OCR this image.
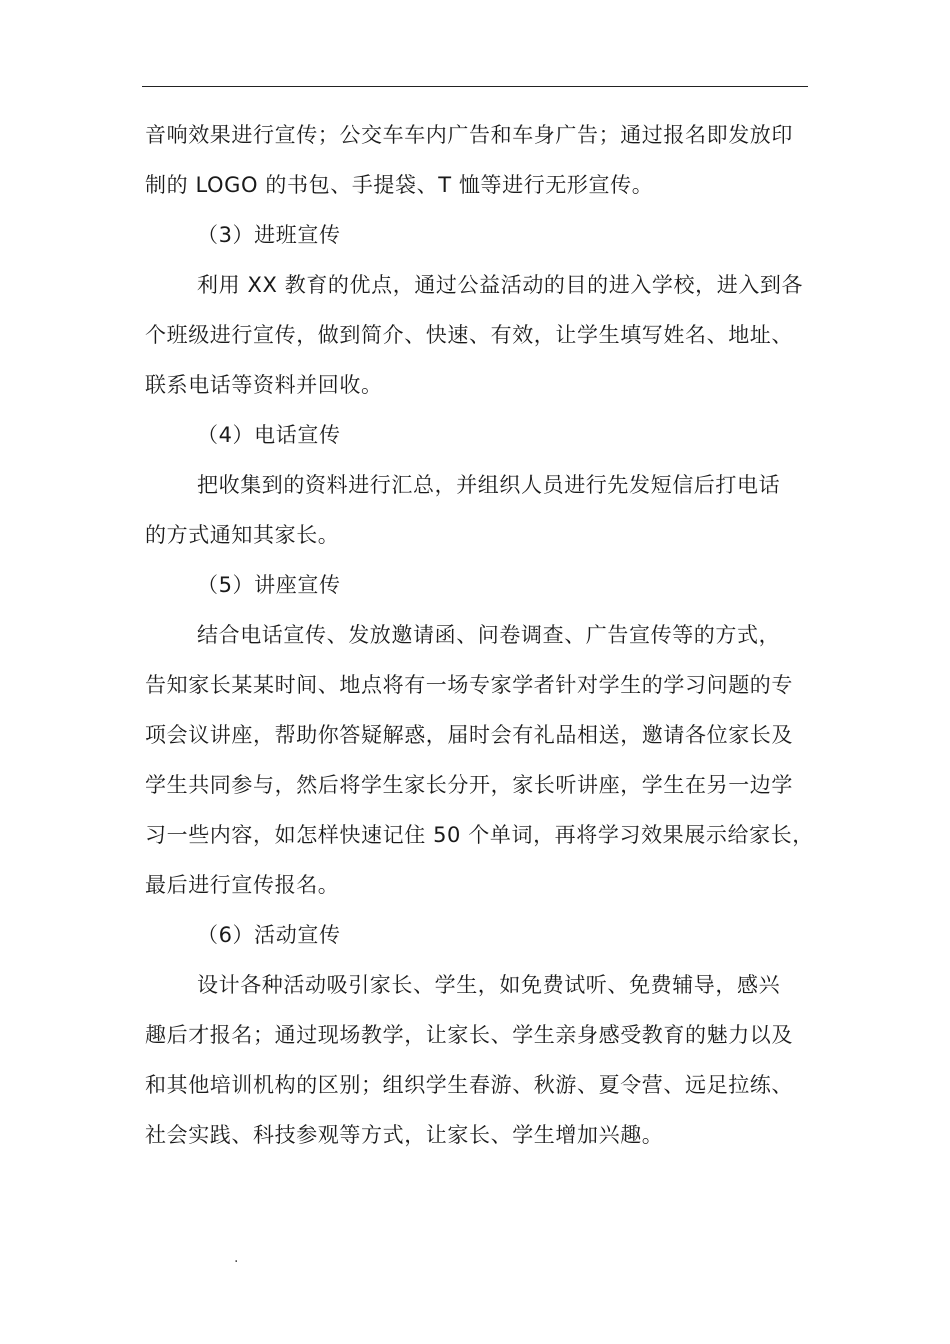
音响效果进行宣传；公交车车内广告和车身广告；通过报名即发放印
制的 LOGO 的书包、手提袋、T 恤等进行无形宣传。
（3）进班宣传
利用 XX 教育的优点，通过公益活动的目的进入学校，进入到各
个班级进行宣传，做到简介、快速、有效，让学生填写姓名、地址、
联系电话等资料并回收。
（4）电话宣传
把收集到的资料进行汇总，并组织人员进行先发短信后打电话
的方式通知其家长。
（5）讲座宣传
结合电话宣传、发放邀请函、问卷调查、广告宣传等的方式，
告知家长某某时间、地点将有一场专家学者针对学生的学习问题的专
项会议讲座，帮助你答疑解惑，届时会有礼品相送，邀请各位家长及
学生共同参与，然后将学生家长分开，家长听讲座，学生在另一边学
习一些内容，如怎样快速记住 50 个单词，再将学习效果展示给家长，
最后进行宣传报名。
（6）活动宣传
设计各种活动吸引家长、学生，如免费试听、免费辅导，感兴
趣后才报名；通过现场教学，让家长、学生亲身感受教育的魅力以及
和其他培训机构的区别；组织学生春游、秋游、夏令营、远足拉练、
社会实践、科技参观等方式，让家长、学生增加兴趣。
.
